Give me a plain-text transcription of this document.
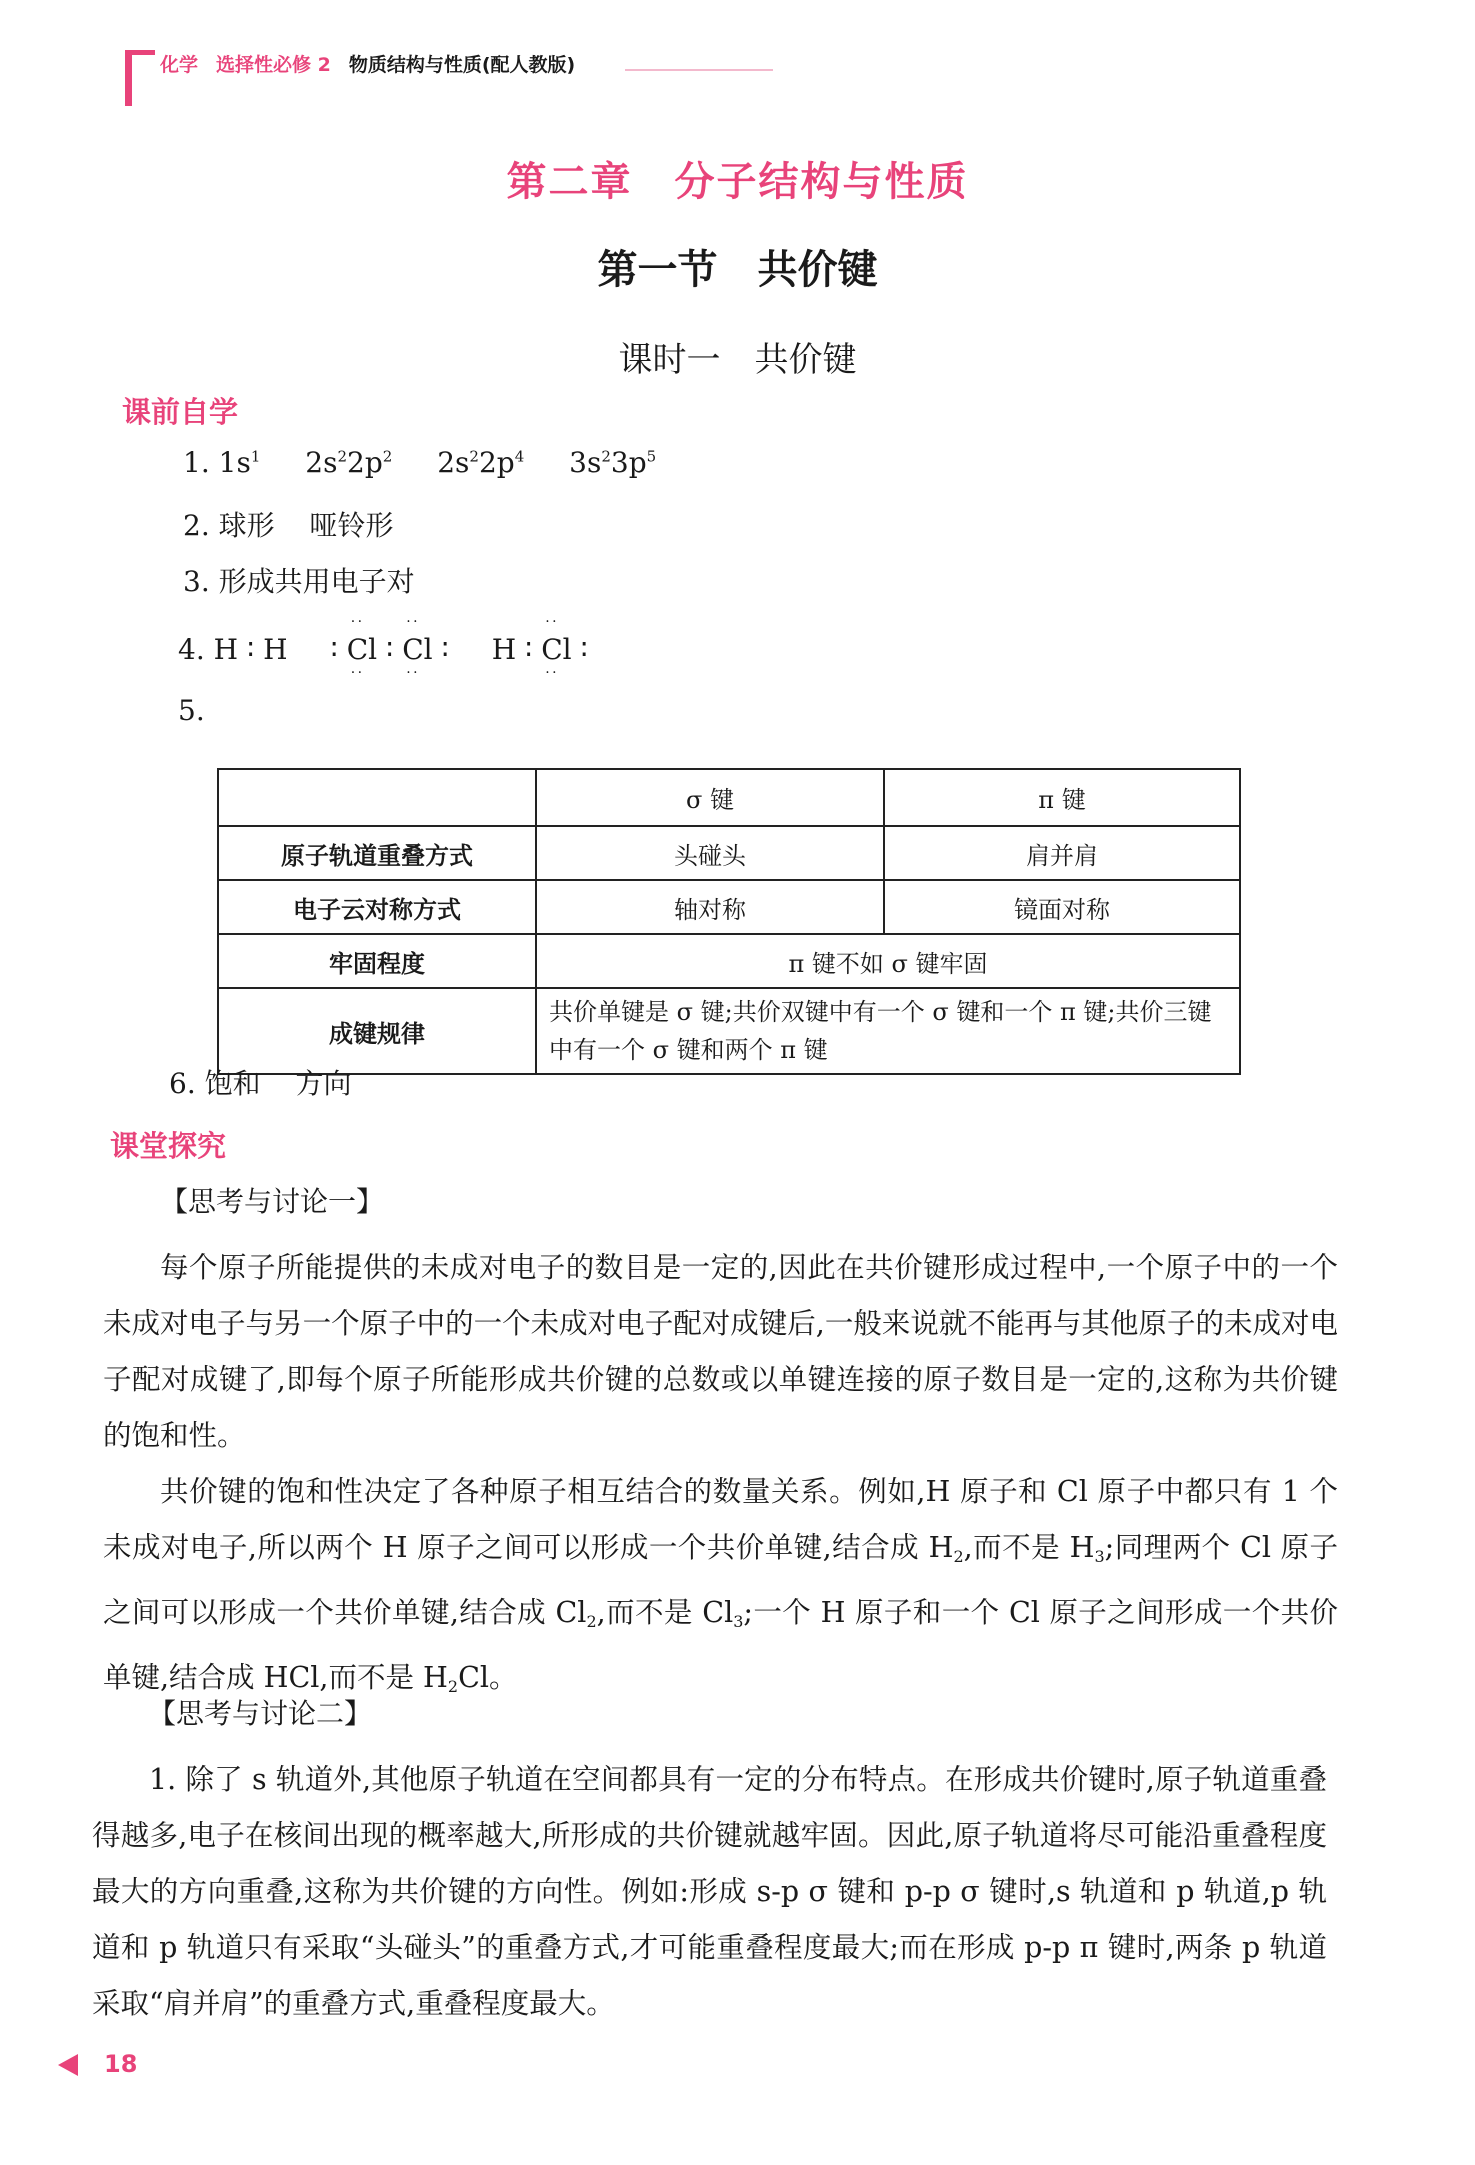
化学 选择性必修 2 物质结构与性质(配人教版)
第二章　分子结构与性质
第一节　共价键
课时一　共价键
课前自学
1. $1s^1$ $2s^22p^2$ $2s^22p^4$ $3s^23p^5$
2. 球形 哑铃形
3. 形成共用电子对
4. H ∶ H ∶ · · Cl · · ∶ · · Cl · · ∶ H ∶ · · Cl · · ∶
5.
	σ 键	π 键
原子轨道重叠方式	头碰头	肩并肩
电子云对称方式	轴对称	镜面对称
牢固程度	π 键不如 σ 键牢固	
成键规律	共价单键是 σ 键;共价双键中有一个 σ 键和一个 π 键;共价三键中有一个 σ 键和两个 π 键	
6. 饱和 方向
课堂探究
【思考与讨论一】

每个原子所能提供的未成对电子的数目是一定的,因此在共价键形成过程中,一个原子中的一个未成对电子与另一个原子中的一个未成对电子配对成键后,一般来说就不能再与其他原子的未成对电子配对成键了,即每个原子所能形成共价键的总数或以单键连接的原子数目是一定的,这称为共价键的饱和性。

共价键的饱和性决定了各种原子相互结合的数量关系。例如,H 原子和 Cl 原子中都只有 1 个未成对电子,所以两个 H 原子之间可以形成一个共价单键,结合成 $H_2$,而不是 $H_3$;同理两个 Cl 原子之间可以形成一个共价单键,结合成 $Cl_2$,而不是 $Cl_3$;一个 H 原子和一个 Cl 原子之间形成一个共价单键,结合成 HCl,而不是 $H_2Cl$。

【思考与讨论二】

1. 除了 s 轨道外,其他原子轨道在空间都具有一定的分布特点。在形成共价键时,原子轨道重叠得越多,电子在核间出现的概率越大,所形成的共价键就越牢固。因此,原子轨道将尽可能沿重叠程度最大的方向重叠,这称为共价键的方向性。例如:形成 s-p σ 键和 p-p σ 键时,s 轨道和 p 轨道,p 轨道和 p 轨道只有采取“头碰头”的重叠方式,才可能重叠程度最大;而在形成 p-p π 键时,两条 p 轨道采取“肩并肩”的重叠方式,重叠程度最大。

18
